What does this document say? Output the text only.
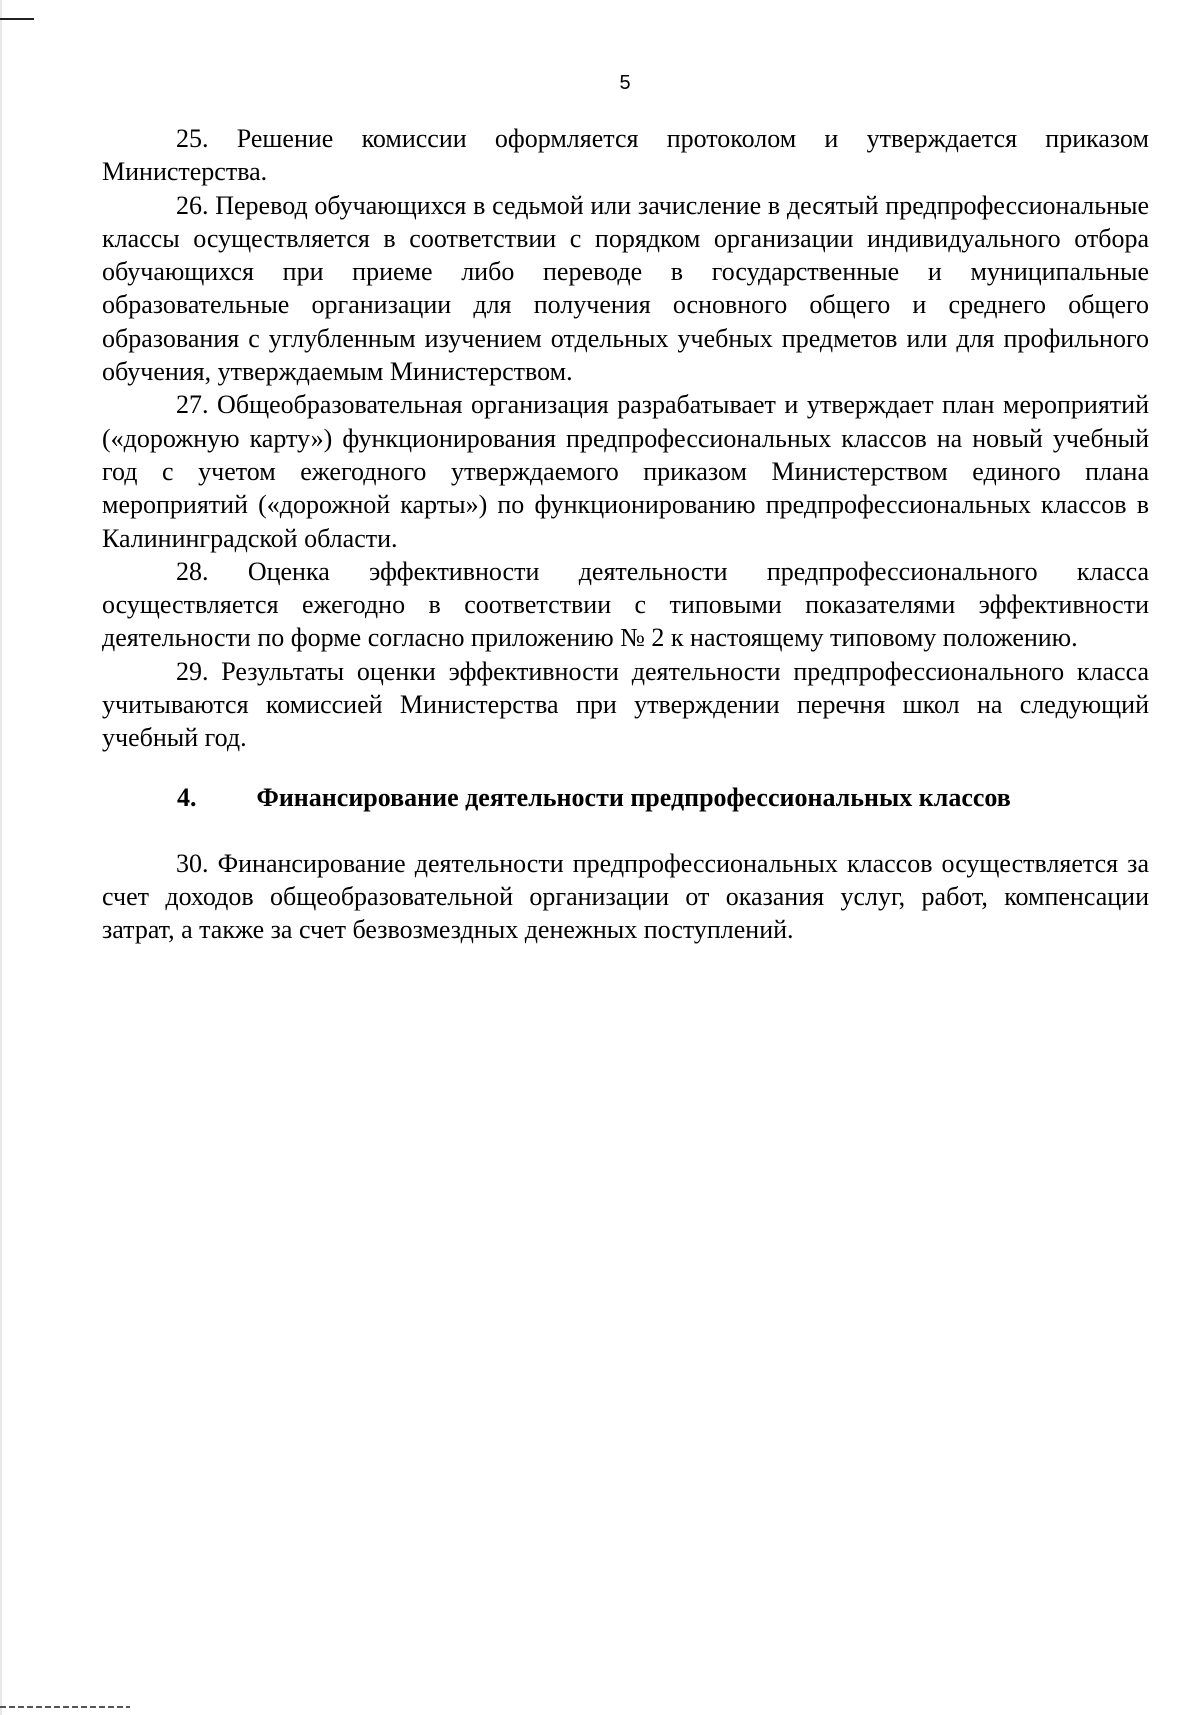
5

25. Решение комиссии оформляется протоколом и утверждается приказом Министерства.

26. Перевод обучающихся в седьмой или зачисление в десятый предпрофессиональные классы осуществляется в соответствии с порядком организации индивидуального отбора обучающихся при приеме либо переводе в государственные и муниципальные образовательные организации для получения основного общего и среднего общего образования с углубленным изучением отдельных учебных предметов или для профильного обучения, утверждаемым Министерством.

27. Общеобразовательная организация разрабатывает и утверждает план мероприятий («дорожную карту») функционирования предпрофессиональных классов на новый учебный год с учетом ежегодного утверждаемого приказом Министерством единого плана мероприятий («дорожной карты») по функционированию предпрофессиональных классов в Калининградской области.

28. Оценка эффективности деятельности предпрофессионального класса осуществляется ежегодно в соответствии с типовыми показателями эффективности деятельности по форме согласно приложению № 2 к настоящему типовому положению.

29. Результаты оценки эффективности деятельности предпрофессионального класса учитываются комиссией Министерства при утверждении перечня школ на следующий учебный год.

4. Финансирование деятельности предпрофессиональных классов

30. Финансирование деятельности предпрофессиональных классов осуществляется за счет доходов общеобразовательной организации от оказания услуг, работ, компенсации затрат, а также за счет безвозмездных денежных поступлений.
